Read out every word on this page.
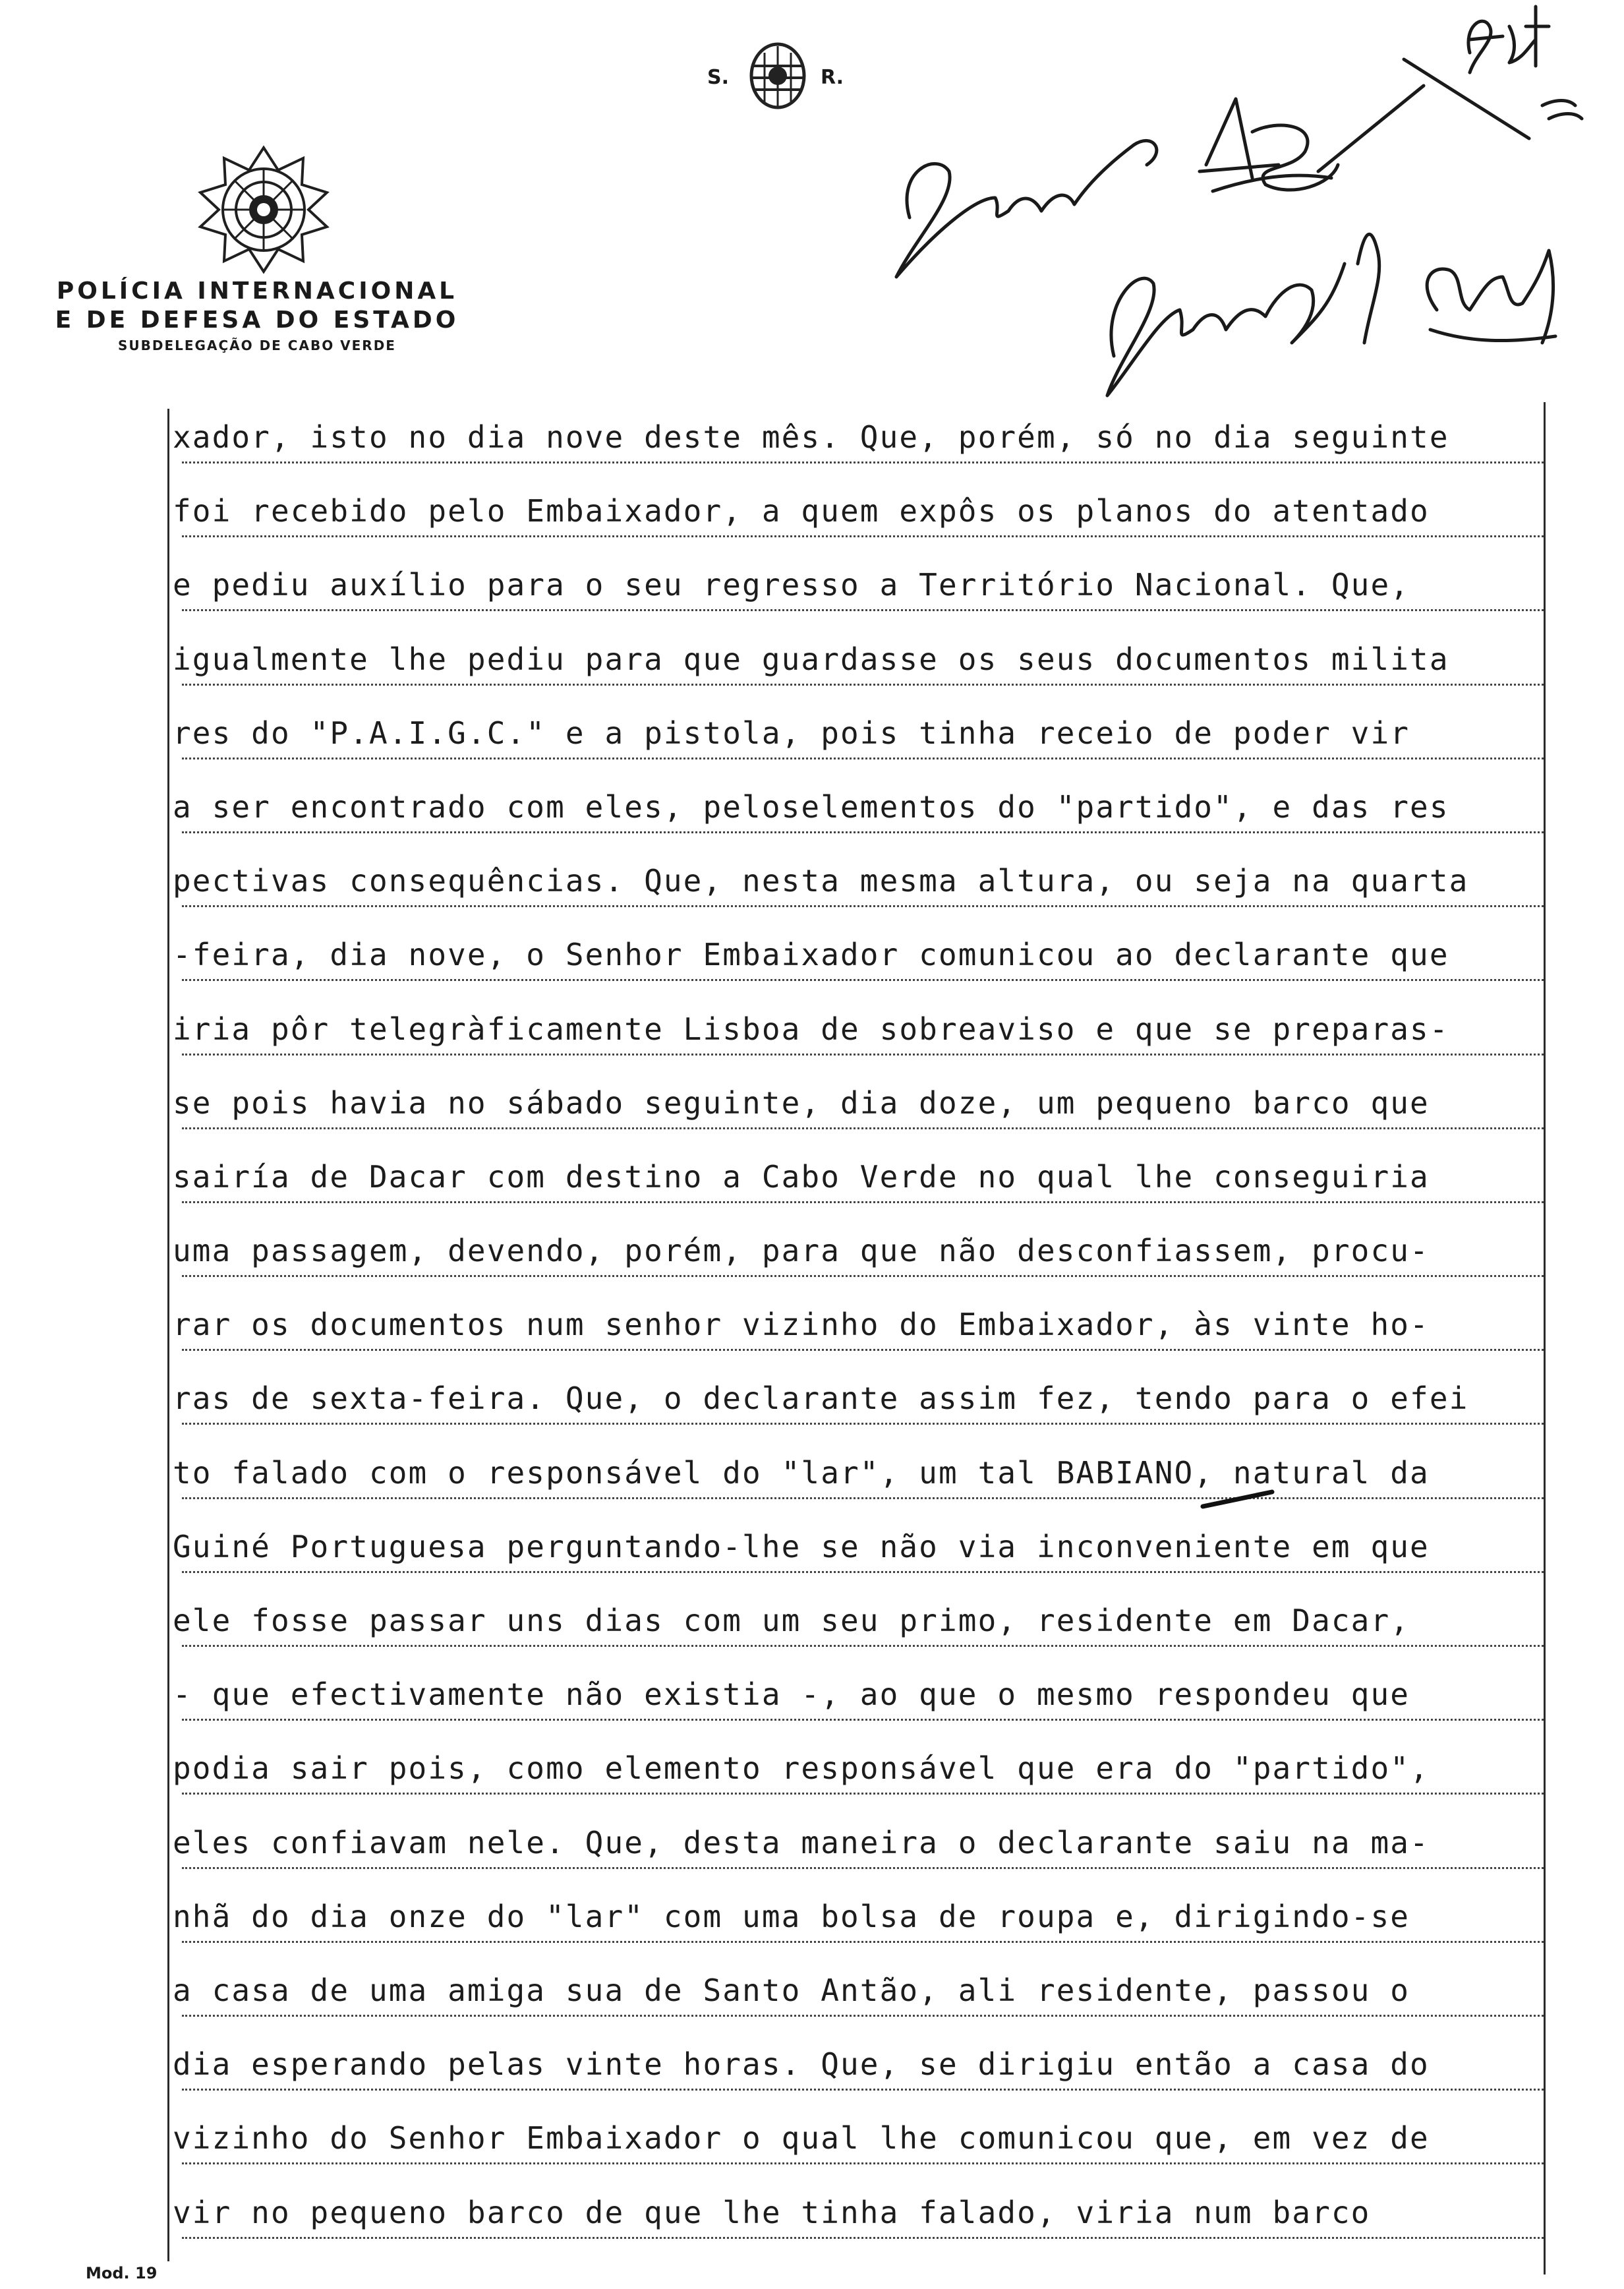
S.	R.
POLÍCIA INTERNACIONAL
E DE DEFESA DO ESTADO
SUBDELEGAÇÃO DE CABO VERDE
xador, isto no dia nove deste mês. Que, porém, só no dia seguinte
foi recebido pelo Embaixador, a quem expôs os planos do atentado
e pediu auxílio para o seu regresso a Território Nacional. Que,
igualmente lhe pediu para que guardasse os seus documentos milita
res do "P.A.I.G.C." e a pistola, pois tinha receio de poder vir
a ser encontrado com eles, peloselementos do "partido", e das res
pectivas consequências. Que, nesta mesma altura, ou seja na quarta
-feira, dia nove, o Senhor Embaixador comunicou ao declarante que
iria pôr telegràficamente Lisboa de sobreaviso e que se preparas-
se pois havia no sábado seguinte, dia doze, um pequeno barco que
sairía de Dacar com destino a Cabo Verde no qual lhe conseguiria
uma passagem, devendo, porém, para que não desconfiassem, procu-
rar os documentos num senhor vizinho do Embaixador, às vinte ho-
ras de sexta-feira. Que, o declarante assim fez, tendo para o efei
to falado com o responsável do "lar", um tal BABIANO, natural da
Guiné Portuguesa perguntando-lhe se não via inconveniente em que
ele fosse passar uns dias com um seu primo, residente em Dacar,
- que efectivamente não existia -, ao que o mesmo respondeu que
podia sair pois, como elemento responsável que era do "partido",
eles confiavam nele. Que, desta maneira o declarante saiu na ma-
nhã do dia onze do "lar" com uma bolsa de roupa e, dirigindo-se
a casa de uma amiga sua de Santo Antão, ali residente, passou o
dia esperando pelas vinte horas. Que, se dirigiu então a casa do
vizinho do Senhor Embaixador o qual lhe comunicou que, em vez de
vir no pequeno barco de que lhe tinha falado, viria num barco
Mod. 19
